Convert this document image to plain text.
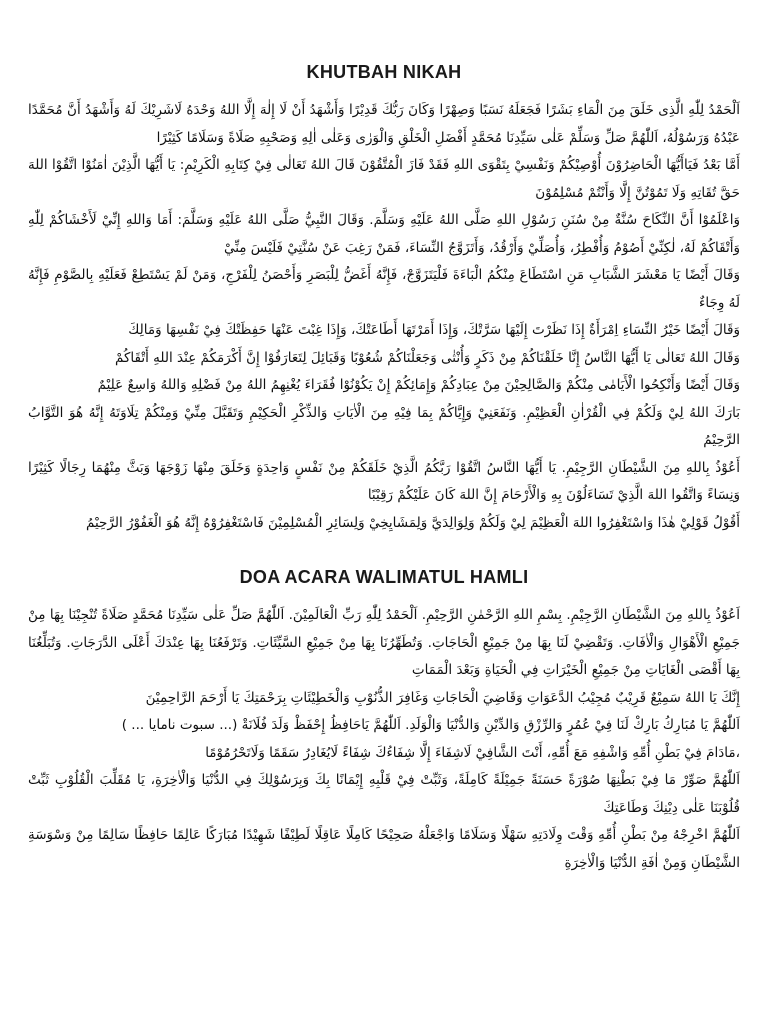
KHUTBAH NIKAH

اَلْحَمْدُ لِلّٰهِ الَّذِى خَلَقَ مِنَ الْمَاءِ بَشَرًا فَجَعَلَهُ نَسَبًا وَصِهْرًا وَكَانَ رَبُّكَ قَدِيْرًا وَأَشْهَدُ أَنْ لَا إِلٰهَ إِلَّا اللهُ وَحْدَهُ لَاشَرِيْكَ لَهُ وَأَشْهَدُ أَنَّ مُحَمَّدًا عَبْدُهُ وَرَسُوْلُهُ، اَللّٰهُمَّ صَلِّ وَسَلِّمْ عَلٰى سَيِّدِنَا مُحَمَّدٍ أَفْضَلِ الْخَلْقِ وَالْوَرٰى وَعَلٰى اٰلِهِ وَصَحْبِهِ صَلَاةً وَسَلَامًا كَثِيْرًا

أَمَّا بَعْدُ فَيَاأَيُّهَا الْحَاضِرُوْنَ أُوْصِيْكُمْ وَنَفْسِيْ بِتَقْوَى اللهِ فَقَدْ فَازَ الْمُتَّقُوْنَ قَالَ اللهُ تَعَالٰى فِيْ كِتَابِهِ الْكَرِيْمِ: يَا أَيُّهَا الَّذِيْنَ اٰمَنُوْا اتَّقُوْا اللهَ حَقَّ تُقَاتِهِ وَلَا تَمُوْتُنَّ إِلَّا وَأَنْتُمْ مُسْلِمُوْنَ

وَاعْلَمُوْا أَنَّ النِّكَاحَ سُنَّةٌ مِنْ سُنَنِ رَسُوْلِ اللهِ صَلَّى اللهُ عَلَيْهِ وَسَلَّمَ. وَقَالَ النَّبِيُّ صَلَّى اللهُ عَلَيْهِ وَسَلَّمَ: أَمَا وَاللهِ إِنِّيْ لَأَخْشَاكُمْ لِلّٰهِ وَأَتْقَاكُمْ لَهُ، لٰكِنِّيْ أَصُوْمُ وَأُفْطِرُ، وَأُصَلِّيْ وَأَرْقُدُ، وَأَتَزَوَّجُ النِّسَاءَ، فَمَنْ رَغِبَ عَنْ سُنَّتِيْ فَلَيْسَ مِنِّيْ

وَقَالَ أَيْضًا يَا مَعْشَرَ الشَّبَابِ مَنِ اسْتَطَاعَ مِنْكُمُ الْبَاءَةَ فَلْيَتَزَوَّجْ، فَإِنَّهُ أَغَضُّ لِلْبَصَرِ وَأَحْصَنُ لِلْفَرْجِ، وَمَنْ لَمْ يَسْتَطِعْ فَعَلَيْهِ بِالصَّوْمِ فَإِنَّهُ لَهُ وِجَاءٌ

وَقَالَ أَيْضًا خَيْرُ النِّسَاءِ اِمْرَأَةٌ إِذَا نَظَرْتَ إِلَيْهَا سَرَّتْكَ، وَإِذَا أَمَرْتَهَا أَطَاعَتْكَ، وَإِذَا غِبْتَ عَنْهَا حَفِظَتْكَ فِيْ نَفْسِهَا وَمَالِكَ

وَقَالَ اللهُ تَعَالٰى يَا أَيُّهَا النَّاسُ إِنَّا خَلَقْنَاكُمْ مِنْ ذَكَرٍ وَأُنْثٰى وَجَعَلْنَاكُمْ شُعُوْبًا وَقَبَائِلَ لِتَعَارَفُوْا إِنَّ أَكْرَمَكُمْ عِنْدَ اللهِ أَتْقَاكُمْ

وَقَالَ أَيْضًا وَأَنْكِحُوا الْأَيَامٰى مِنْكُمْ وَالصَّالِحِيْنَ مِنْ عِبَادِكُمْ وَإِمَائِكُمْ إِنْ يَكُوْنُوْا فُقَرَاءَ يُغْنِهِمُ اللهُ مِنْ فَضْلِهِ وَاللهُ وَاسِعٌ عَلِيْمٌ

بَارَكَ اللهُ لِيْ وَلَكُمْ فِي الْقُرْاٰنِ الْعَظِيْمِ. وَنَفَعَنِيْ وَإِيَّاكُمْ بِمَا فِيْهِ مِنَ الْاٰيَاتِ وَالذِّكْرِ الْحَكِيْمِ وَتَقَبَّلَ مِنِّيْ وَمِنْكُمْ تِلَاوَتَهُ إِنَّهُ هُوَ التَّوَّابُ الرَّحِيْمُ

أَعُوْذُ بِاللهِ مِنَ الشَّيْطَانِ الرَّجِيْمِ. يَا أَيُّهَا النَّاسُ اتَّقُوْا رَبَّكُمُ الَّذِيْ خَلَقَكُمْ مِنْ نَفْسٍ وَاحِدَةٍ وَخَلَقَ مِنْهَا زَوْجَهَا وَبَثَّ مِنْهُمَا رِجَالًا كَثِيْرًا وَنِسَاءً وَاتَّقُوا اللهَ الَّذِيْ تَسَاءَلُوْنَ بِهِ وَالْأَرْحَامَ إِنَّ اللهَ كَانَ عَلَيْكُمْ رَقِيْبًا

أَقُوْلُ قَوْلِيْ هٰذَا وَاسْتَغْفِرُوا اللهَ الْعَظِيْمَ لِيْ وَلَكُمْ وَلِوَالِدَيَّ وَلِمَشَايِخِيْ وَلِسَائِرِ الْمُسْلِمِيْنَ فَاسْتَغْفِرُوْهُ إِنَّهُ هُوَ الْغَفُوْرُ الرَّحِيْمُ

DOA ACARA WALIMATUL HAMLI

اَعُوْذُ بِاللهِ مِنَ الشَّيْطَانِ الرَّجِيْمِ. بِسْمِ اللهِ الرَّحْمٰنِ الرَّحِيْمِ. اَلْحَمْدُ لِلّٰهِ رَبِّ الْعَالَمِيْنَ. اَللّٰهُمَّ صَلِّ عَلٰى سَيِّدِنَا مُحَمَّدٍ صَلَاةً تُنْجِيْنَا بِهَا مِنْ جَمِيْعِ الْأَهْوَالِ وَالْاٰفَاتِ. وَتَقْضِيْ لَنَا بِهَا مِنْ جَمِيْعِ الْحَاجَاتِ. وَتُطَهِّرُنَا بِهَا مِنْ جَمِيْعِ السَّيِّئَاتِ. وَتَرْفَعُنَا بِهَا عِنْدَكَ أَعْلَى الدَّرَجَاتِ. وَتُبَلِّغُنَا بِهَا أَقْصَى الْغَايَاتِ مِنْ جَمِيْعِ الْخَيْرَاتِ فِي الْحَيَاةِ وَبَعْدَ الْمَمَاتِ

إِنَّكَ يَا اللهُ سَمِيْعٌ قَرِيْبٌ مُجِيْبُ الدَّعَوَاتِ وَقَاضِيَ الْحَاجَاتِ وَغَافِرَ الذُّنُوْبِ وَالْخَطِيْئَاتِ بِرَحْمَتِكَ يَا أَرْحَمَ الرَّاحِمِيْنَ

اَللّٰهُمَّ يَا مُبَارِكُ بَارِكْ لَنَا فِيْ عُمُرٍ وَالرِّزْقِ وَالدِّيْنِ وَالدُّنْيَا وَالْوَلَدِ. اَللّٰهُمَّ يَاحَافِظُ إِحْفَظْ وَلَدَ فُلَانَةْ (... سبوت نامايا ... )

،مَادَامَ فِيْ بَطْنِ أُمِّهِ وَاشْفِهِ مَعَ أُمِّهِ، أَنْتَ الشَّافِيْ لَاشِفَاءَ إِلَّا شِفَاءُكَ شِفَاءً لَايُغَادِرُ سَقَمًا وَلَاتَحْرُمُوْمًا

اَللّٰهُمَّ صَوِّرْ مَا فِيْ بَطْنِهَا صُوْرَةً حَسَنَةً جَمِيْلَةً كَامِلَةً، وَثَبِّتْ فِيْ قَلْبِهِ إِيْمَانًا بِكَ وَبِرَسُوْلِكَ فِي الدُّنْيَا وَالْاٰخِرَةِ، يَا مُقَلِّبَ الْقُلُوْبِ ثَبِّتْ قُلُوْبَنَا عَلٰى دِيْنِكَ وَطَاعَتِكَ

اَللّٰهُمَّ اخْرِجْهُ مِنْ بَطْنِ أُمِّهِ وَقْتَ وِلَادَتِهِ سَهْلًا وَسَلَامًا وَاجْعَلْهُ صَحِيْحًا كَامِلًا عَاقِلًا لَطِيْفًا شَهِيْدًا مُبَارَكًا عَالِمًا حَافِظًا سَالِمًا مِنْ وَسْوَسَةِ الشَّيْطَانِ وَمِنْ اٰفَةِ الدُّنْيَا وَالْاٰخِرَةِ
